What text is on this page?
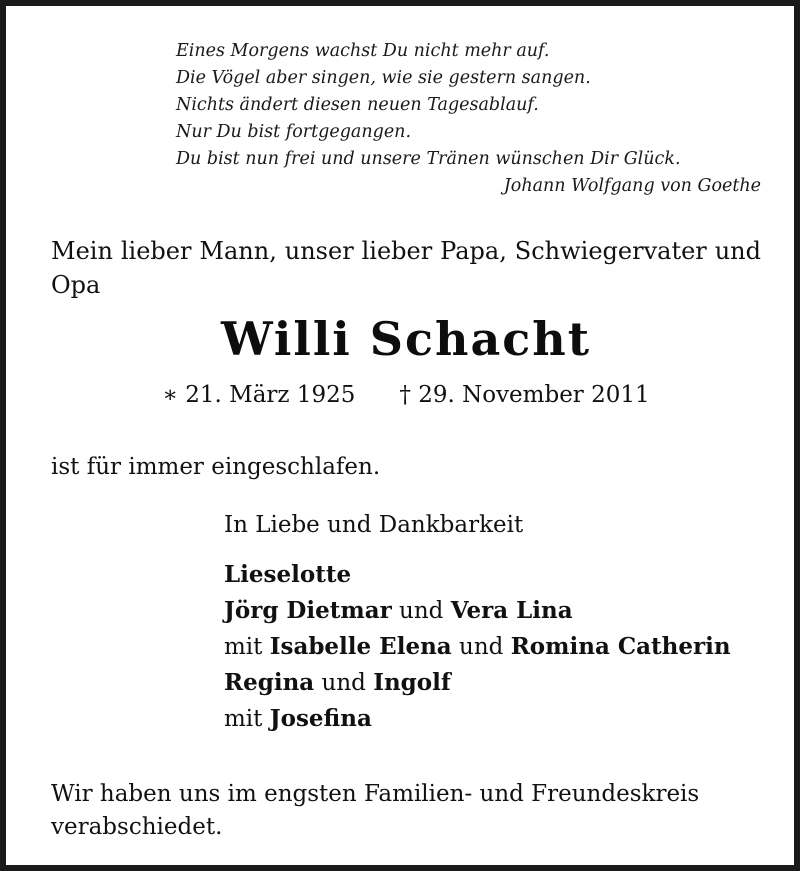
Eines Morgens wachst Du nicht mehr auf.
Die Vögel aber singen, wie sie gestern sangen.
Nichts ändert diesen neuen Tagesablauf.
Nur Du bist fortgegangen.
Du bist nun frei und unsere Tränen wünschen Dir Glück.
Johann Wolfgang von Goethe
Mein lieber Mann, unser lieber Papa, Schwiegervater und Opa
Willi Schacht
∗ 21. März 1925 † 29. November 2011
ist für immer eingeschlafen.
In Liebe und Dankbarkeit
Lieselotte
Jörg Dietmar und Vera Lina
mit Isabelle Elena und Romina Catherin
Regina und Ingolf
mit Josefina
Wir haben uns im engsten Familien- und Freundeskreis verabschiedet.
